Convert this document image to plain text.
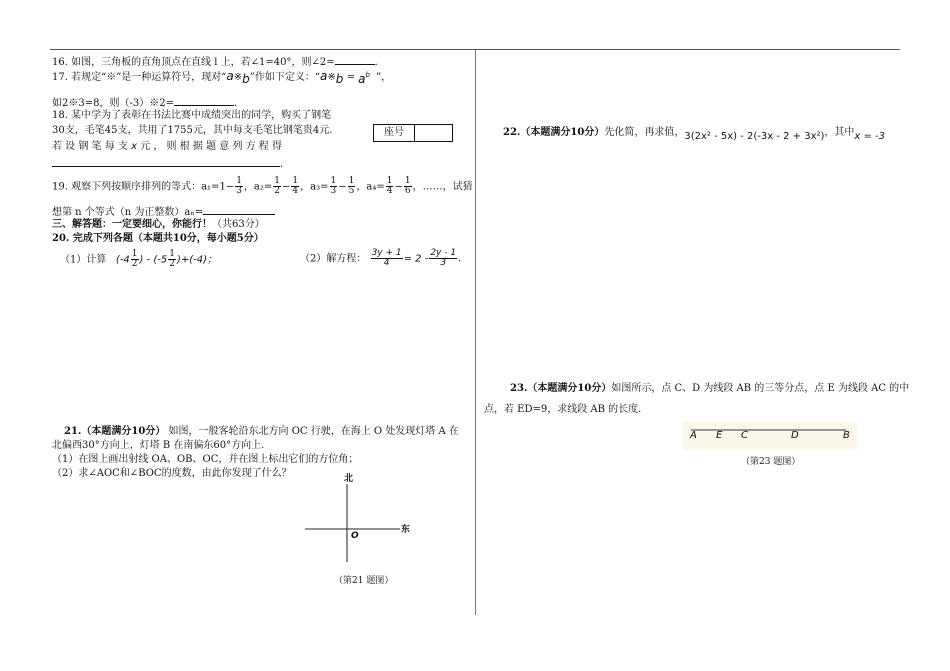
16. 如图，三角板的直角顶点在直线 l 上，若∠1=40°，则∠2=	.
17. 若规定“※”是一种运算符号，现对“a※b”作如下定义：“a※b = $a^b$ ”，
如2※3=8，则（-3）※2=	.
18. 某中学为了表彰在书法比赛中成绩突出的同学，购买了钢笔
30支，毛笔45支，共用了1755元，其中每支毛笔比钢笔贵4元.
若 设 钢 笔 每 支 x 元 ， 则 根 据 题 意 列 方 程 得
.
座号
19. 观察下列按顺序排列的等式：$a_1=1- \frac{1}{3}$ ，$a_2= \frac{1}{2} - \frac{1}{4}$ ，$a_3= \frac{1}{3} - \frac{1}{5}$ ，$a_4= \frac{1}{4} - \frac{1}{6}$ ，……，试猜
想第 n 个等式（n 为正整数）aₙ=
三、解答题：一定要细心，你能行！（共63分）
20. 完成下列各题（本题共10分，每小题5分）
（1）计算 ($-4 \frac{1}{2}$ ) - $(-5 \frac{1}{2} )+(-4)$；	（2）解方程： $\frac{3y + 1}{4} = 2 - \frac{2y - 1}{3}$ .
21.（本题满分10分） 如图，一般客轮沿东北方向 OC 行驶，在海上 O 处发现灯塔 A 在
北偏西30°方向上，灯塔 B 在南偏东60°方向上.
（1）在图上画出射线 OA、OB、OC，并在图上标出它们的方位角；
（2）求∠AOC和∠BOC的度数，由此你发现了什么？	北
东
O
（第21 题图）
22.（本题满分10分）先化简，再求值，3(2x² - 5x) - 2(-3x - 2 + 3x²)，其中x = -3
23.（本题满分10分）如图所示，点 C、D 为线段 AB 的三等分点，点 E 为线段 AC 的中
点，若 ED=9，求线段 AB 的长度.
A E C	D	B
（第23 题图）
